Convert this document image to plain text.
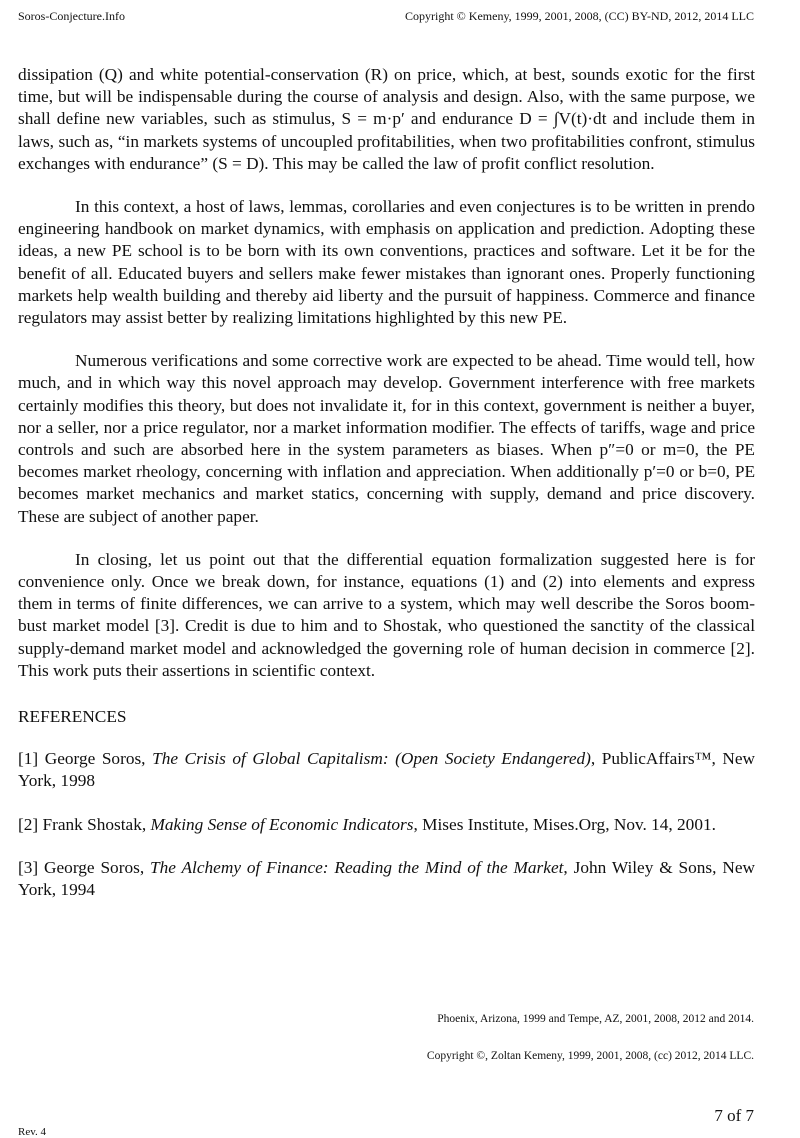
Soros-Conjecture.Info	Copyright © Kemeny, 1999, 2001, 2008, (CC) BY-ND, 2012, 2014 LLC

dissipation (Q) and white potential-conservation (R) on price, which, at best, sounds exotic for the first time, but will be indispensable during the course of analysis and design. Also, with the same purpose, we shall define new variables, such as stimulus, S = m·p′ and endurance D = ∫V(t)·dt and include them in laws, such as, “in markets systems of uncoupled profitabilities, when two profitabilities confront, stimulus exchanges with endurance” (S = D). This may be called the law of profit conflict resolution.

In this context, a host of laws, lemmas, corollaries and even conjectures is to be written in prendo engineering handbook on market dynamics, with emphasis on application and prediction. Adopting these ideas, a new PE school is to be born with its own conventions, practices and software. Let it be for the benefit of all. Educated buyers and sellers make fewer mistakes than ignorant ones. Properly functioning markets help wealth building and thereby aid liberty and the pursuit of happiness. Commerce and finance regulators may assist better by realizing limitations highlighted by this new PE.

Numerous verifications and some corrective work are expected to be ahead. Time would tell, how much, and in which way this novel approach may develop. Government interference with free markets certainly modifies this theory, but does not invalidate it, for in this context, government is neither a buyer, nor a seller, nor a price regulator, nor a market information modifier. The effects of tariffs, wage and price controls and such are absorbed here in the system parameters as biases. When p″=0 or m=0, the PE becomes market rheology, concerning with inflation and appreciation. When additionally p′=0 or b=0, PE becomes market mechanics and market statics, concerning with supply, demand and price discovery. These are subject of another paper.

In closing, let us point out that the differential equation formalization suggested here is for convenience only. Once we break down, for instance, equations (1) and (2) into elements and express them in terms of finite differences, we can arrive to a system, which may well describe the Soros boom-bust market model [3]. Credit is due to him and to Shostak, who questioned the sanctity of the classical supply-demand market model and acknowledged the governing role of human decision in commerce [2]. This work puts their assertions in scientific context.

REFERENCES
[1] George Soros, The Crisis of Global Capitalism: (Open Society Endangered), PublicAffairs™, New York, 1998
[2] Frank Shostak, Making Sense of Economic Indicators, Mises Institute, Mises.Org, Nov. 14, 2001.
[3] George Soros, The Alchemy of Finance: Reading the Mind of the Market, John Wiley & Sons, New York, 1994
Phoenix, Arizona, 1999 and Tempe, AZ, 2001, 2008, 2012 and 2014.
Copyright ©, Zoltan Kemeny, 1999, 2001, 2008, (cc) 2012, 2014 LLC.
7 of 7
Rev. 4
